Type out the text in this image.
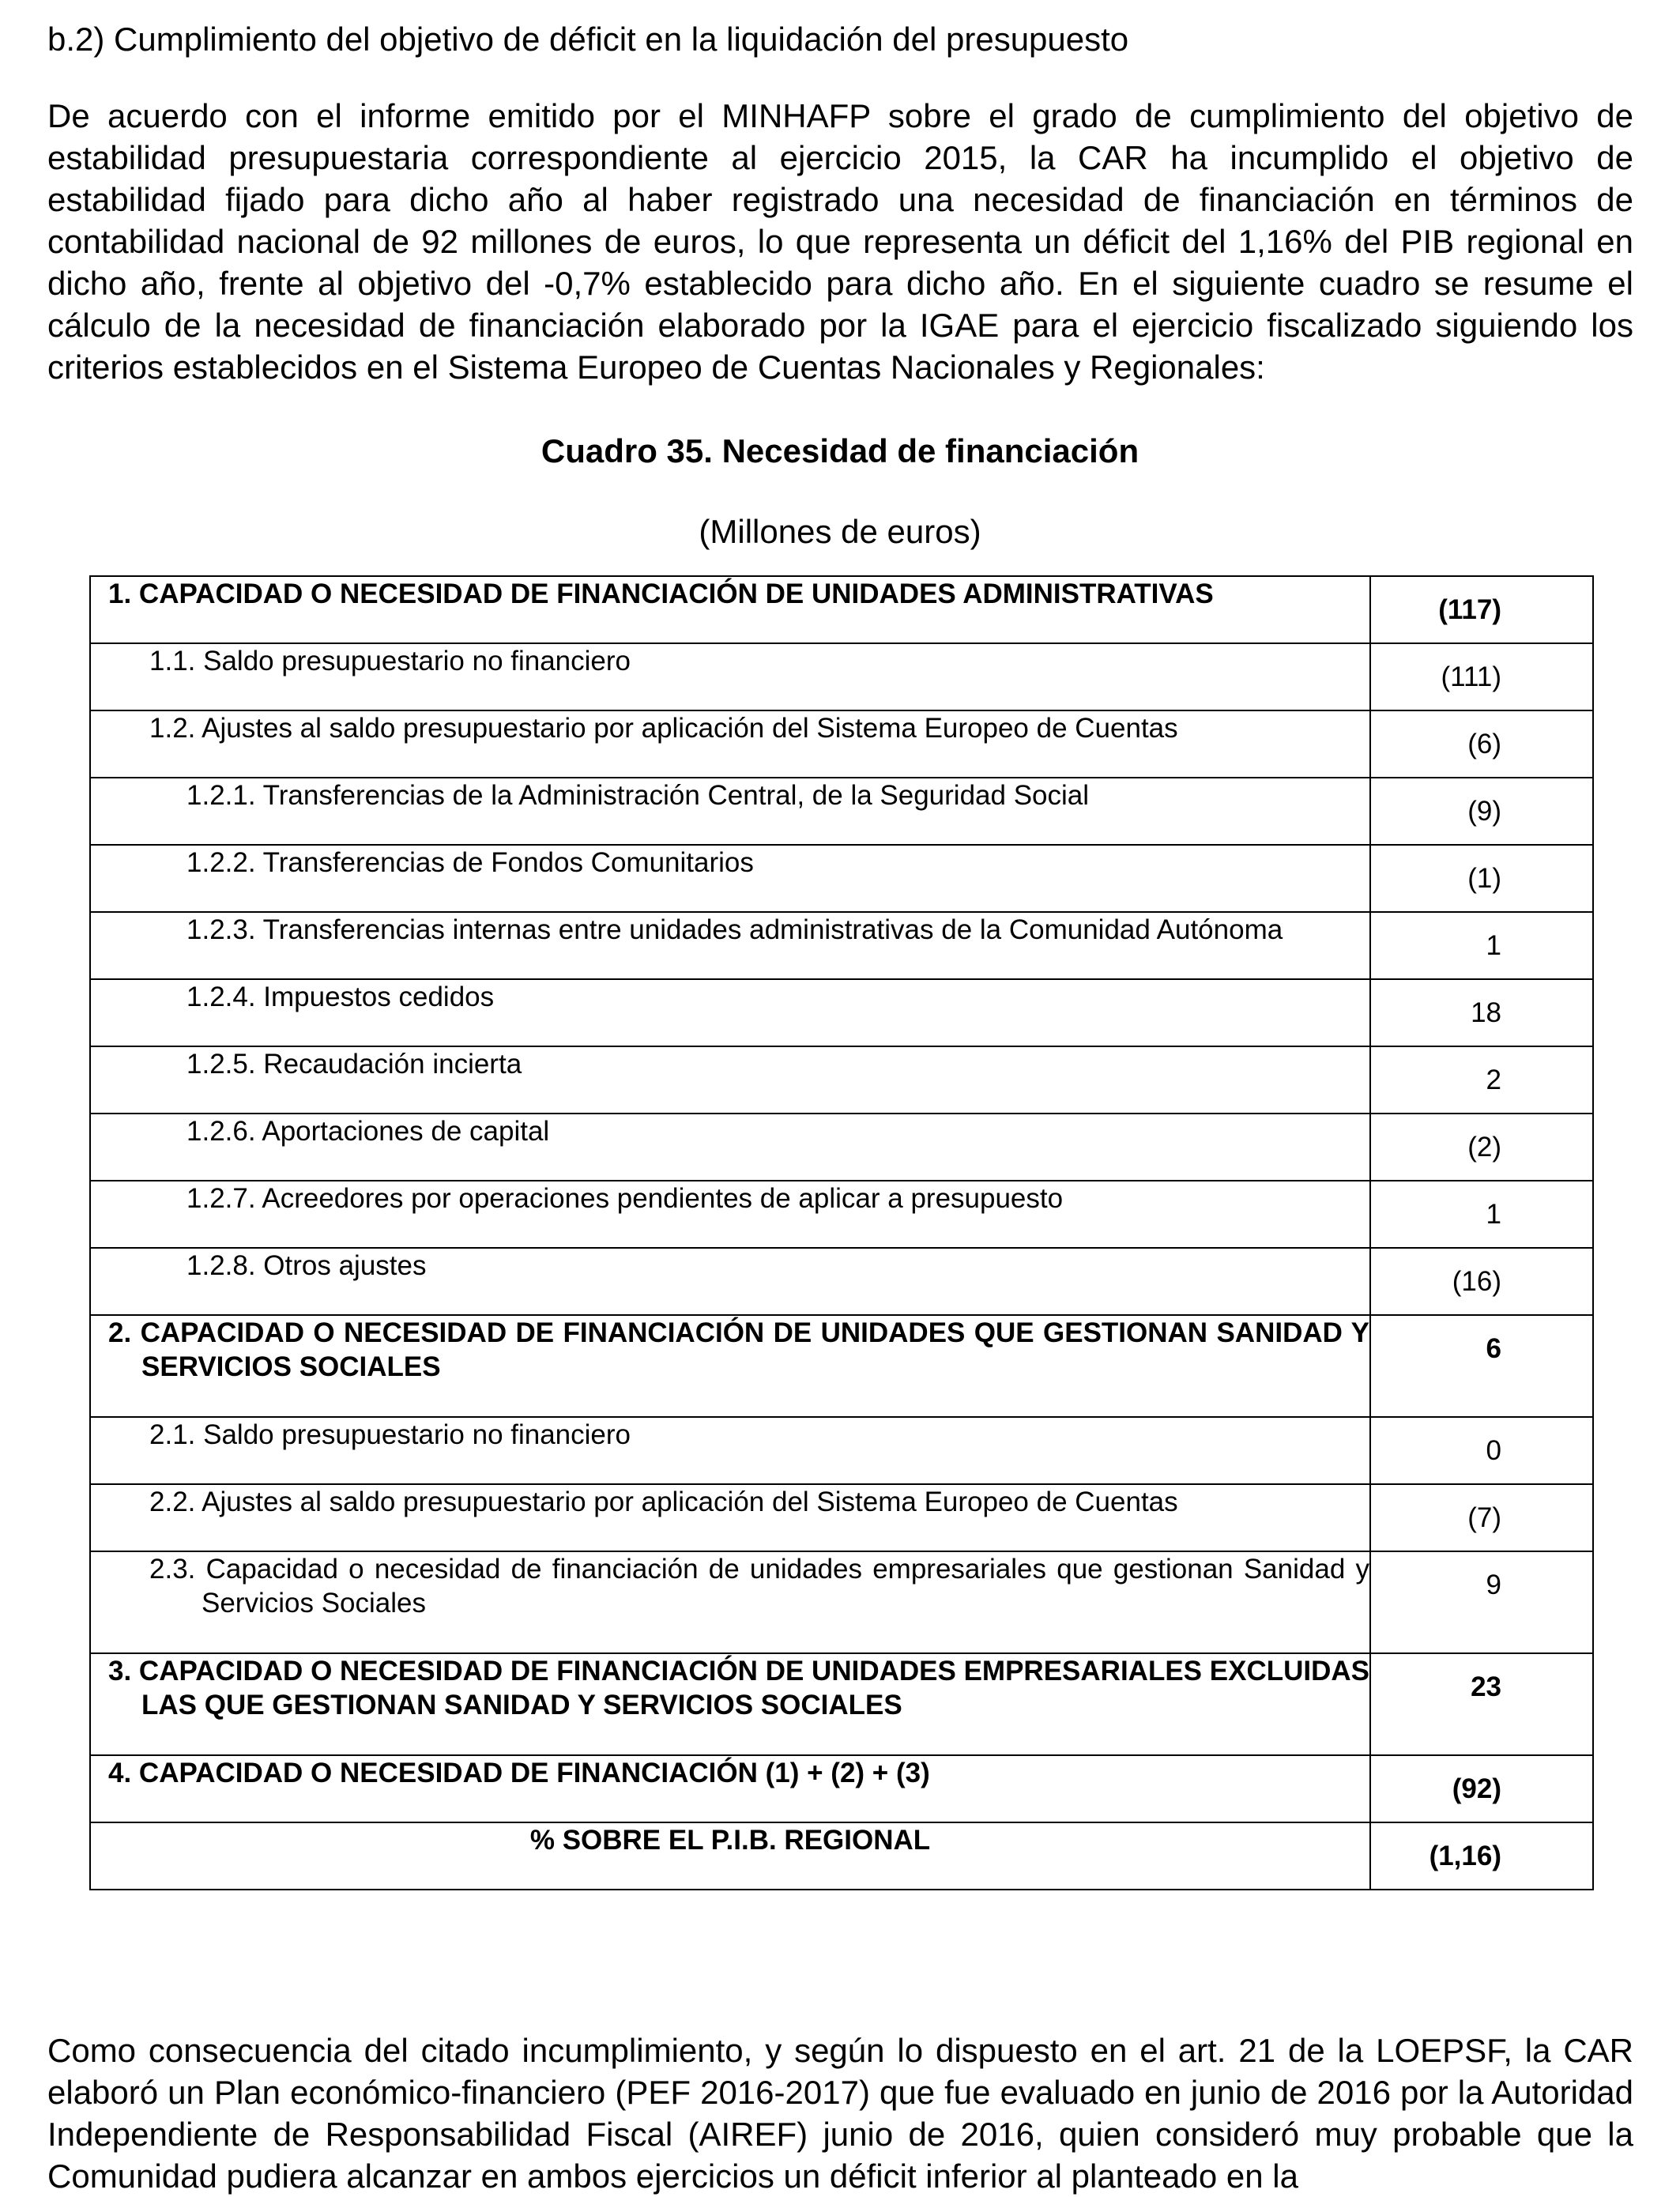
b.2) Cumplimiento del objetivo de déficit en la liquidación del presupuesto
De acuerdo con el informe emitido por el MINHAFP sobre el grado de cumplimiento del objetivo de estabilidad presupuestaria correspondiente al ejercicio 2015, la CAR ha incumplido el objetivo de estabilidad fijado para dicho año al haber registrado una necesidad de financiación en términos de contabilidad nacional de 92 millones de euros, lo que representa un déficit del 1,16% del PIB regional en dicho año, frente al objetivo del -0,7% establecido para dicho año. En el siguiente cuadro se resume el cálculo de la necesidad de financiación elaborado por la IGAE para el ejercicio fiscalizado siguiendo los criterios establecidos en el Sistema Europeo de Cuentas Nacionales y Regionales:
Cuadro 35. Necesidad de financiación
(Millones de euros)
1. CAPACIDAD O NECESIDAD DE FINANCIACIÓN DE UNIDADES ADMINISTRATIVAS	(117)
1.1. Saldo presupuestario no financiero	(111)
1.2. Ajustes al saldo presupuestario por aplicación del Sistema Europeo de Cuentas	(6)
1.2.1. Transferencias de la Administración Central, de la Seguridad Social	(9)
1.2.2. Transferencias de Fondos Comunitarios	(1)
1.2.3. Transferencias internas entre unidades administrativas de la Comunidad Autónoma	1
1.2.4. Impuestos cedidos	18
1.2.5. Recaudación incierta	2
1.2.6. Aportaciones de capital	(2)
1.2.7. Acreedores por operaciones pendientes de aplicar a presupuesto	1
1.2.8. Otros ajustes	(16)
2. CAPACIDAD O NECESIDAD DE FINANCIACIÓN DE UNIDADES QUE GESTIONAN SANIDAD Y SERVICIOS SOCIALES	6
2.1. Saldo presupuestario no financiero	0
2.2. Ajustes al saldo presupuestario por aplicación del Sistema Europeo de Cuentas	(7)
2.3. Capacidad o necesidad de financiación de unidades empresariales que gestionan Sanidad y Servicios Sociales	9
3. CAPACIDAD O NECESIDAD DE FINANCIACIÓN DE UNIDADES EMPRESARIALES EXCLUIDAS LAS QUE GESTIONAN SANIDAD Y SERVICIOS SOCIALES	23
4. CAPACIDAD O NECESIDAD DE FINANCIACIÓN (1) + (2) + (3)	(92)
% SOBRE EL P.I.B. REGIONAL	(1,16)
Como consecuencia del citado incumplimiento, y según lo dispuesto en el art. 21 de la LOEPSF, la CAR elaboró un Plan económico-financiero (PEF 2016-2017) que fue evaluado en junio de 2016 por la Autoridad Independiente de Responsabilidad Fiscal (AIREF) junio de 2016, quien consideró muy probable que la Comunidad pudiera alcanzar en ambos ejercicios un déficit inferior al planteado en la
